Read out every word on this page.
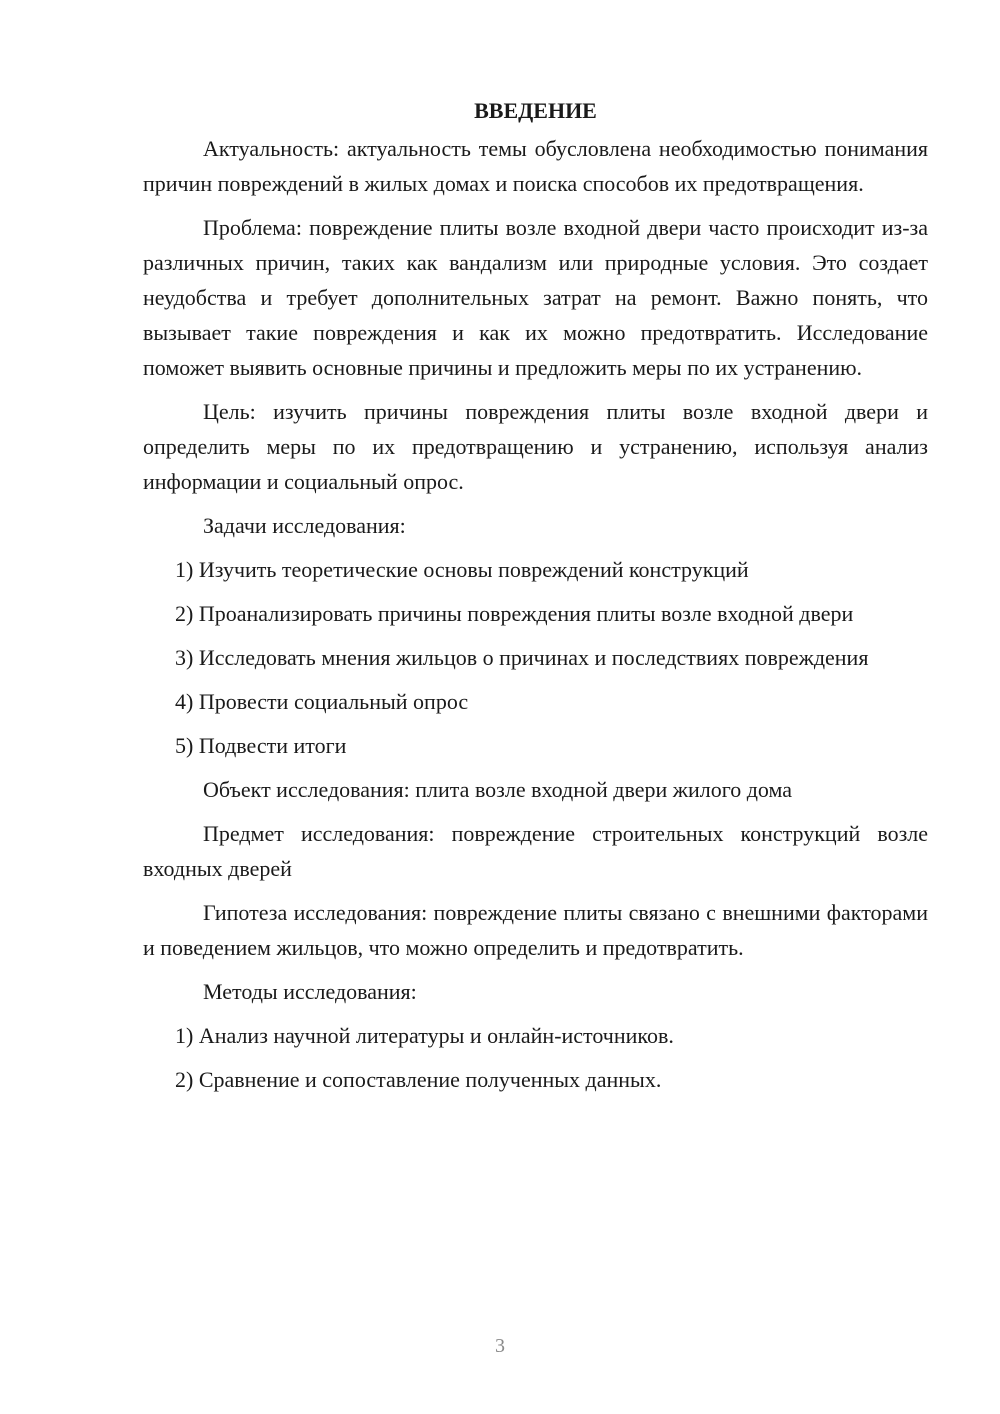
ВВЕДЕНИЕ

Актуальность: актуальность темы обусловлена необходимостью понимания причин повреждений в жилых домах и поиска способов их предотвращения.

Проблема: повреждение плиты возле входной двери часто происходит из-за различных причин, таких как вандализм или природные условия. Это создает неудобства и требует дополнительных затрат на ремонт. Важно понять, что вызывает такие повреждения и как их можно предотвратить. Исследование поможет выявить основные причины и предложить меры по их устранению.

Цель: изучить причины повреждения плиты возле входной двери и определить меры по их предотвращению и устранению, используя анализ информации и социальный опрос.

Задачи исследования:

1) Изучить теоретические основы повреждений конструкций

2) Проанализировать причины повреждения плиты возле входной двери

3) Исследовать мнения жильцов о причинах и последствиях повреждения

4) Провести социальный опрос

5) Подвести итоги

Объект исследования: плита возле входной двери жилого дома

Предмет исследования: повреждение строительных конструкций возле входных дверей

Гипотеза исследования: повреждение плиты связано с внешними факторами и поведением жильцов, что можно определить и предотвратить.

Методы исследования:

1) Анализ научной литературы и онлайн-источников.

2) Сравнение и сопоставление полученных данных.

3
